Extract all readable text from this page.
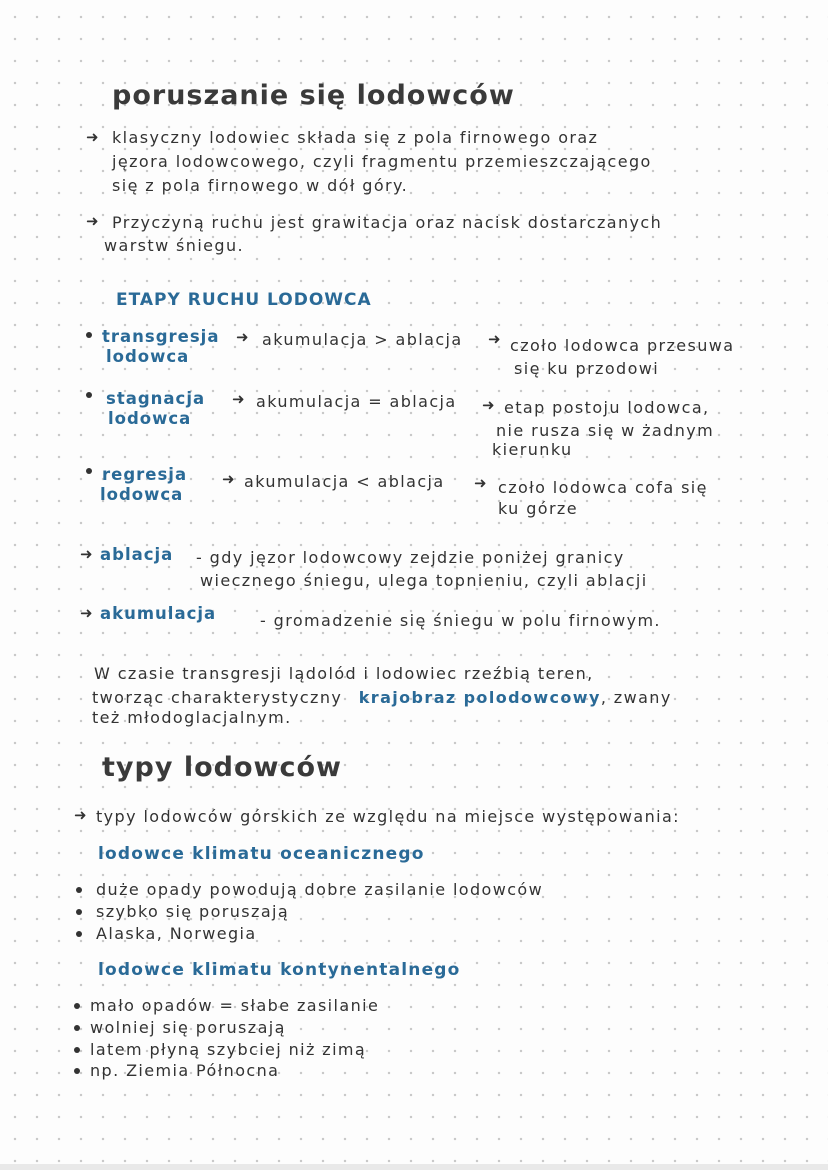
poruszanie się lodowców
➜ klasyczny lodowiec składa się z pola firnowego oraz
jęzora lodowcowego, czyli fragmentu przemieszczającego
się z pola firnowego w dół góry.
➜ Przyczyną ruchu jest grawitacja oraz nacisk dostarczanych
warstw śniegu.
ETAPY RUCHU LODOWCA
transgresja
lodowca
➜ akumulacja > ablacja ➜ czoło lodowca przesuwa
się ku przodowi
stagnacja
lodowca
➜ akumulacja = ablacja ➜ etap postoju lodowca,
nie rusza się w żadnym
kierunku
regresja
lodowca
➜ akumulacja < ablacja ➜ czoło lodowca cofa się
ku górze
➜ ablacja - gdy jęzor lodowcowy zejdzie poniżej granicy
wiecznego śniegu, ulega topnieniu, czyli ablacji
➜ akumulacja	- gromadzenie się śniegu w polu firnowym.
W czasie transgresji lądolód i lodowiec rzeźbią teren,
tworząc charakterystyczny krajobraz polodowcowy, zwany
też młodoglacjalnym.
typy lodowców
➜ typy lodowców górskich ze względu na miejsce występowania:
lodowce klimatu oceanicznego
duże opady powodują dobre zasilanie lodowców
szybko się poruszają
Alaska, Norwegia
lodowce klimatu kontynentalnego
mało opadów = słabe zasilanie
wolniej się poruszają
latem płyną szybciej niż zimą
np. Ziemia Północna
